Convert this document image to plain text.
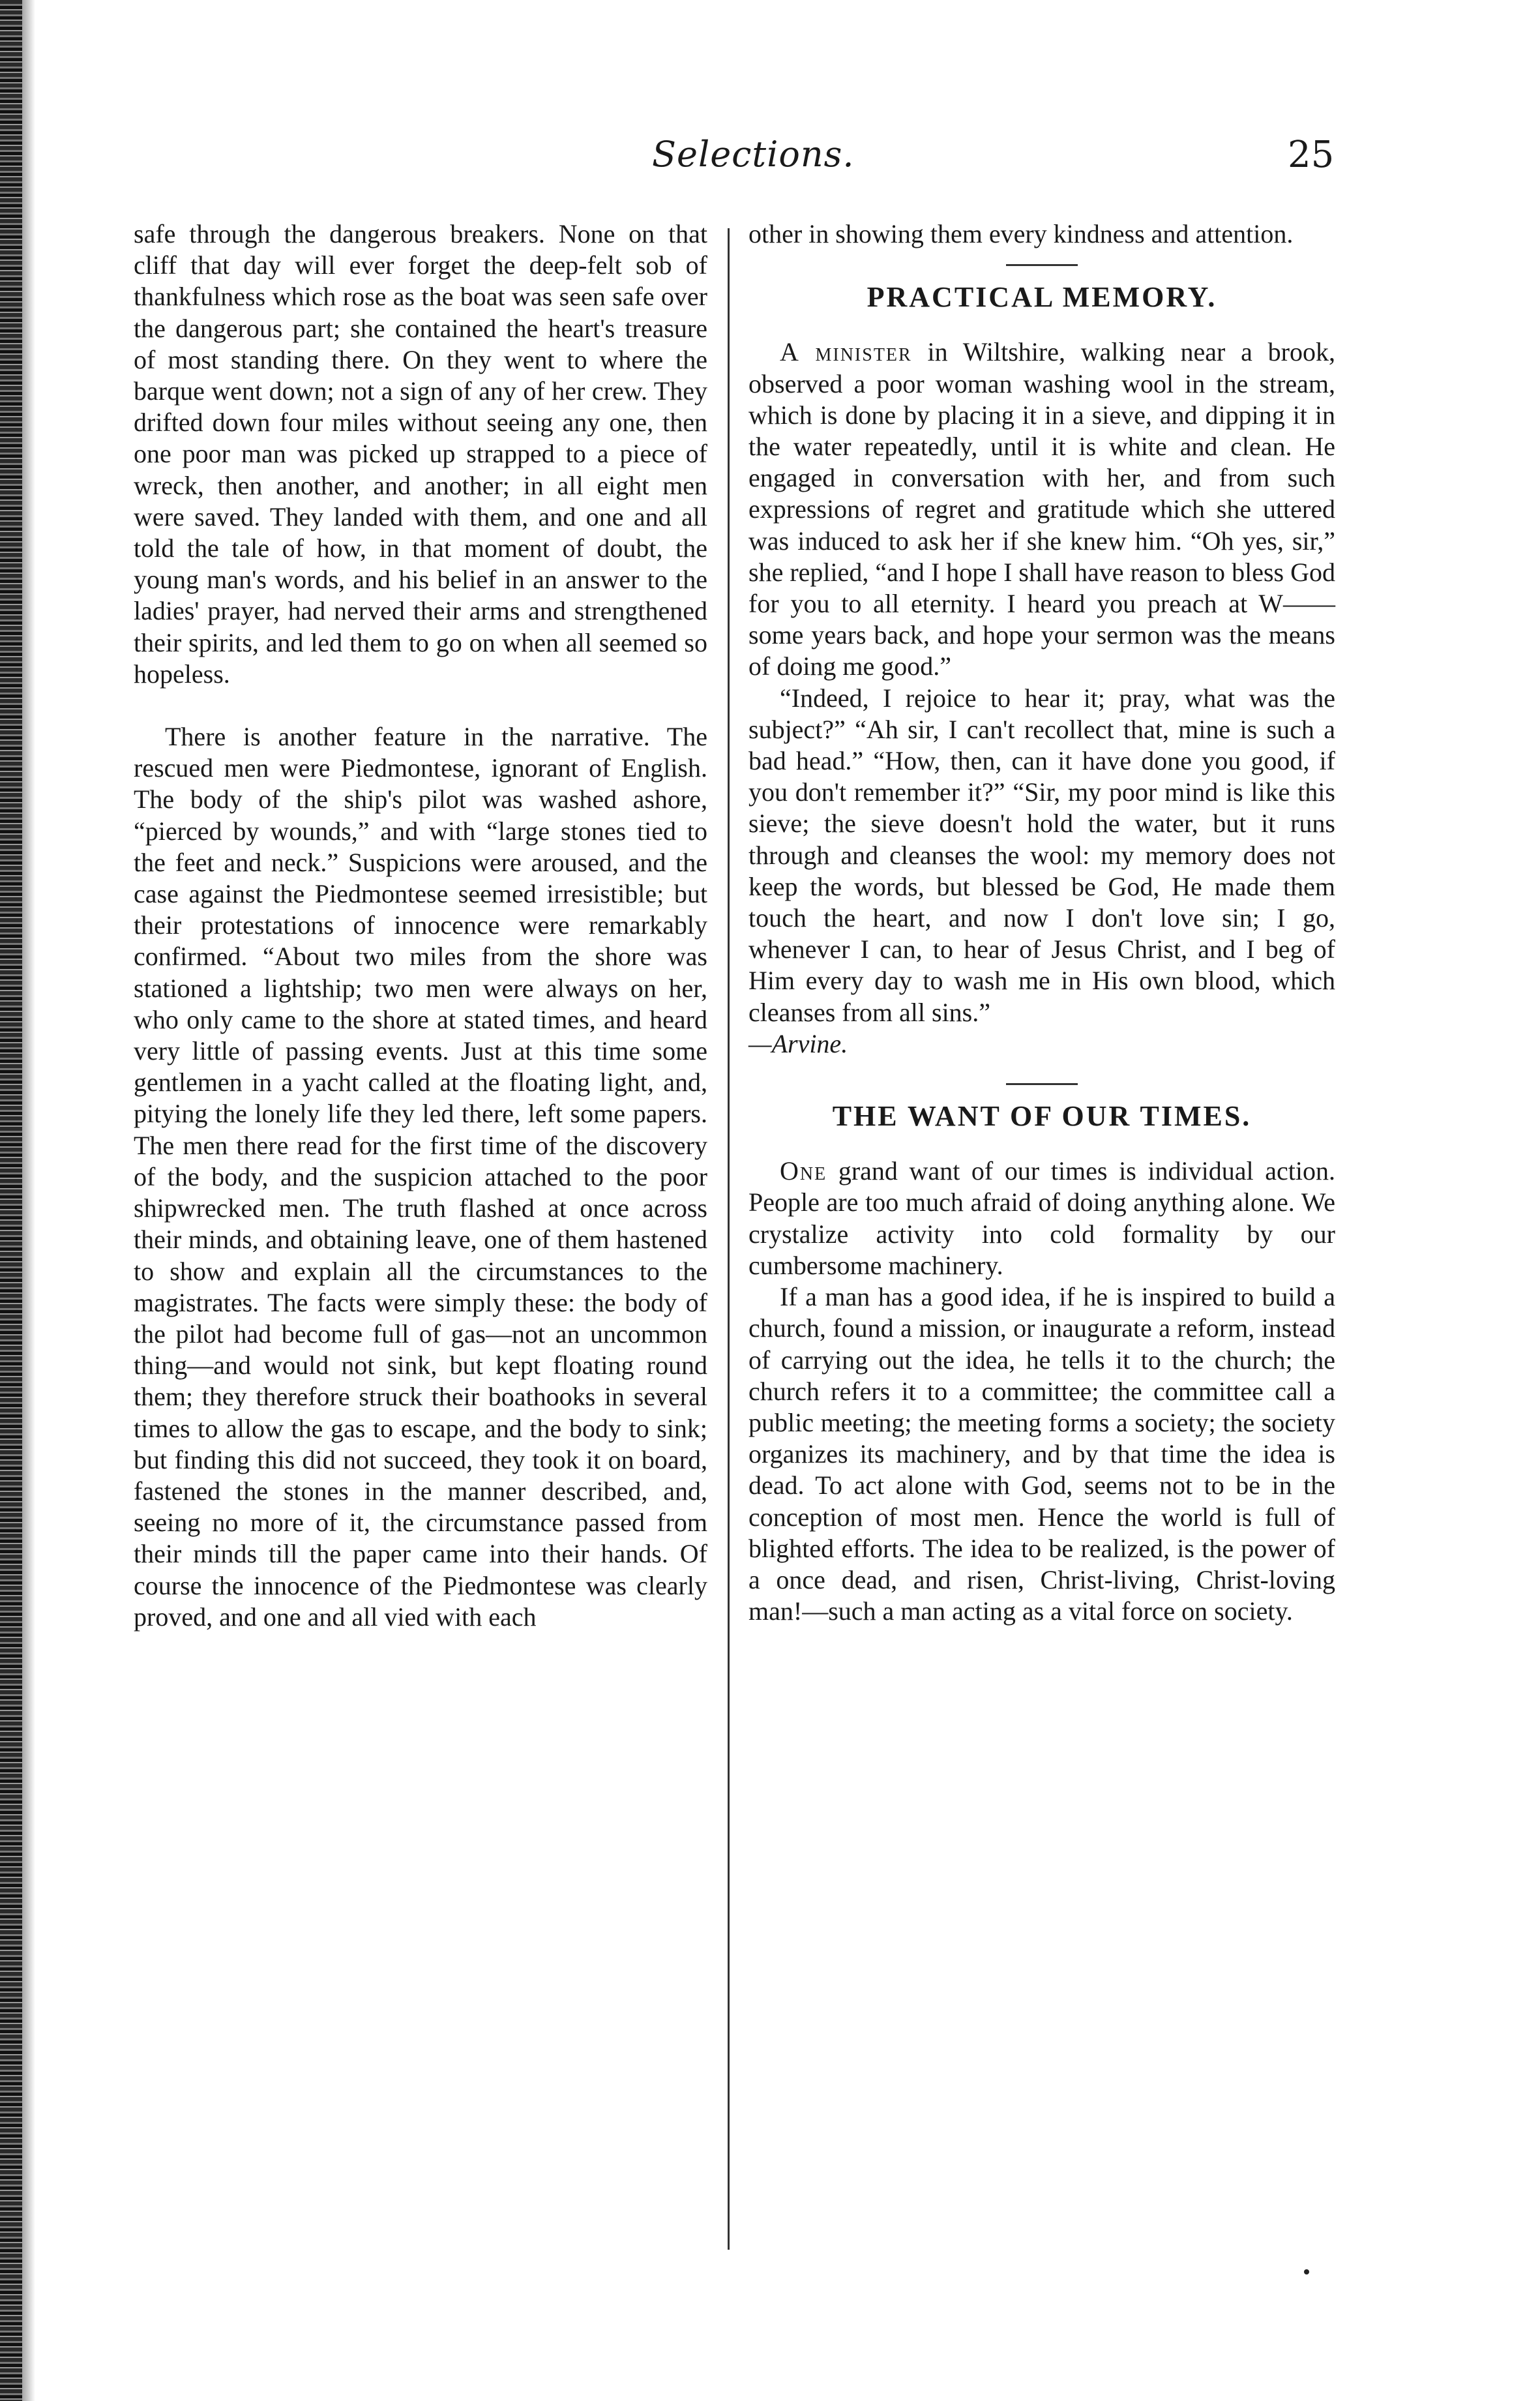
Selections.	25

safe through the dangerous breakers. None on that cliff that day will ever forget the deep-felt sob of thankfulness which rose as the boat was seen safe over the dangerous part; she contained the heart's treasure of most standing there. On they went to where the barque went down; not a sign of any of her crew. They drifted down four miles without seeing any one, then one poor man was picked up strapped to a piece of wreck, then another, and another; in all eight men were saved. They landed with them, and one and all told the tale of how, in that moment of doubt, the young man's words, and his belief in an answer to the ladies' prayer, had nerved their arms and strengthened their spirits, and led them to go on when all seemed so hopeless.

There is another feature in the narrative. The rescued men were Piedmontese, ignorant of English. The body of the ship's pilot was washed ashore, “pierced by wounds,” and with “large stones tied to the feet and neck.” Suspicions were aroused, and the case against the Piedmontese seemed irresistible; but their protestations of innocence were remarkably confirmed. “About two miles from the shore was stationed a lightship; two men were always on her, who only came to the shore at stated times, and heard very little of passing events. Just at this time some gentlemen in a yacht called at the floating light, and, pitying the lonely life they led there, left some papers. The men there read for the first time of the discovery of the body, and the suspicion attached to the poor shipwrecked men. The truth flashed at once across their minds, and obtaining leave, one of them hastened to show and explain all the circumstances to the magistrates. The facts were simply these: the body of the pilot had become full of gas—not an uncommon thing—and would not sink, but kept floating round them; they therefore struck their boathooks in several times to allow the gas to escape, and the body to sink; but finding this did not succeed, they took it on board, fastened the stones in the manner described, and, seeing no more of it, the circumstance passed from their minds till the paper came into their hands. Of course the innocence of the Piedmontese was clearly proved, and one and all vied with each

other in showing them every kindness and attention.

PRACTICAL MEMORY.

A minister in Wiltshire, walking near a brook, observed a poor woman washing wool in the stream, which is done by placing it in a sieve, and dipping it in the water repeatedly, until it is white and clean. He engaged in conversation with her, and from such expressions of regret and gratitude which she uttered was induced to ask her if she knew him. “Oh yes, sir,” she replied, “and I hope I shall have reason to bless God for you to all eternity. I heard you preach at W—— some years back, and hope your sermon was the means of doing me good.”

“Indeed, I rejoice to hear it; pray, what was the subject?” “Ah sir, I can't recollect that, mine is such a bad head.” “How, then, can it have done you good, if you don't remember it?” “Sir, my poor mind is like this sieve; the sieve doesn't hold the water, but it runs through and cleanses the wool: my memory does not keep the words, but blessed be God, He made them touch the heart, and now I don't love sin; I go, whenever I can, to hear of Jesus Christ, and I beg of Him every day to wash me in His own blood, which cleanses from all sins.”

—Arvine.

THE WANT OF OUR TIMES.

One grand want of our times is individual action. People are too much afraid of doing anything alone. We crystalize activity into cold formality by our cumbersome machinery.

If a man has a good idea, if he is inspired to build a church, found a mission, or inaugurate a reform, instead of carrying out the idea, he tells it to the church; the church refers it to a committee; the committee call a public meeting; the meeting forms a society; the society organizes its machinery, and by that time the idea is dead. To act alone with God, seems not to be in the conception of most men. Hence the world is full of blighted efforts. The idea to be realized, is the power of a once dead, and risen, Christ-living, Christ-loving man!—such a man acting as a vital force on society.
